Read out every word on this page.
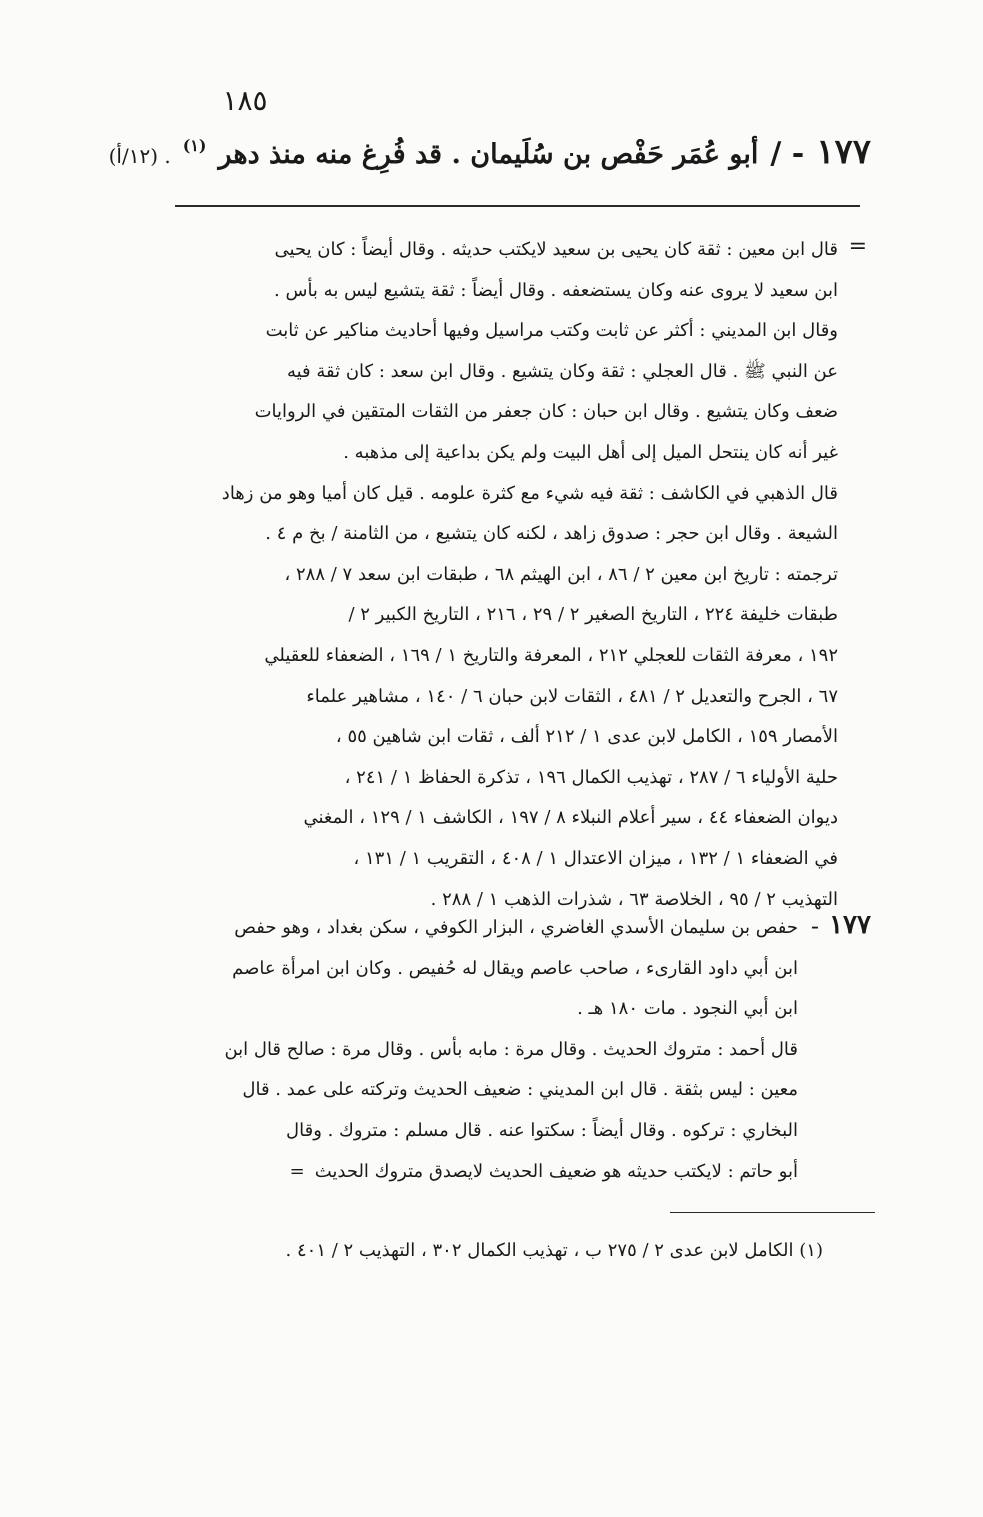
١٨٥
١٧٧
- /
أبو عُمَر حَفْص بن سُلَيمان . قد فُرِغ منه منذ دهر
(١)
. (١٢/أ)
=

قال ابن معين : ثقة كان يحيى بن سعيد لايكتب حديثه . وقال أيضاً : كان يحيى

ابن سعيد لا يروى عنه وكان يستضعفه . وقال أيضاً : ثقة يتشيع ليس به بأس .

وقال ابن المديني : أكثر عن ثابت وكتب مراسيل وفيها أحاديث مناكير عن ثابت

عن النبي ﷺ . قال العجلي : ثقة وكان يتشيع . وقال ابن سعد : كان ثقة فيه

ضعف وكان يتشيع . وقال ابن حبان : كان جعفر من الثقات المتقين في الروايات

غير أنه كان ينتحل الميل إلى أهل البيت ولم يكن بداعية إلى مذهبه .

قال الذهبي في الكاشف : ثقة فيه شيء مع كثرة علومه . قيل كان أميا وهو من زهاد

الشيعة . وقال ابن حجر : صدوق زاهد ، لكنه كان يتشيع ، من الثامنة / بخ م ٤ .

ترجمته : تاريخ ابن معين ٢ / ٨٦ ، ابن الهيثم ٦٨ ، طبقات ابن سعد ٧ / ٢٨٨ ،

طبقات خليفة ٢٢٤ ، التاريخ الصغير ٢ / ٢٩ ، ٢١٦ ، التاريخ الكبير ٢ /

١٩٢ ، معرفة الثقات للعجلي ٢١٢ ، المعرفة والتاريخ ١ / ١٦٩ ، الضعفاء للعقيلي

٦٧ ، الجرح والتعديل ٢ / ٤٨١ ، الثقات لابن حبان ٦ / ١٤٠ ، مشاهير علماء

الأمصار ١٥٩ ، الكامل لابن عدى ١ / ٢١٢ ألف ، ثقات ابن شاهين ٥٥ ،

حلية الأولياء ٦ / ٢٨٧ ، تهذيب الكمال ١٩٦ ، تذكرة الحفاظ ١ / ٢٤١ ،

ديوان الضعفاء ٤٤ ، سير أعلام النبلاء ٨ / ١٩٧ ، الكاشف ١ / ١٢٩ ، المغني

في الضعفاء ١ / ١٣٢ ، ميزان الاعتدال ١ / ٤٠٨ ، التقريب ١ / ١٣١ ،

التهذيب ٢ / ٩٥ ، الخلاصة ٦٣ ، شذرات الذهب ١ / ٢٨٨ .

١٧٧
-

حفص بن سليمان الأسدي الغاضري ، البزار الكوفي ، سكن بغداد ، وهو حفص

ابن أبي داود القارىء ، صاحب عاصم ويقال له حُفيص . وكان ابن امرأة عاصم

ابن أبي النجود . مات ١٨٠ هـ .

قال أحمد : متروك الحديث . وقال مرة : مابه بأس . وقال مرة : صالح قال ابن

معين : ليس بثقة . قال ابن المديني : ضعيف الحديث وتركته على عمد . قال

البخاري : تركوه . وقال أيضاً : سكتوا عنه . قال مسلم : متروك . وقال

أبو حاتم : لايكتب حديثه هو ضعيف الحديث لايصدق متروك الحديث=

(١) الكامل لابن عدى ٢ / ٢٧٥ ب ، تهذيب الكمال ٣٠٢ ، التهذيب ٢ / ٤٠١ .
